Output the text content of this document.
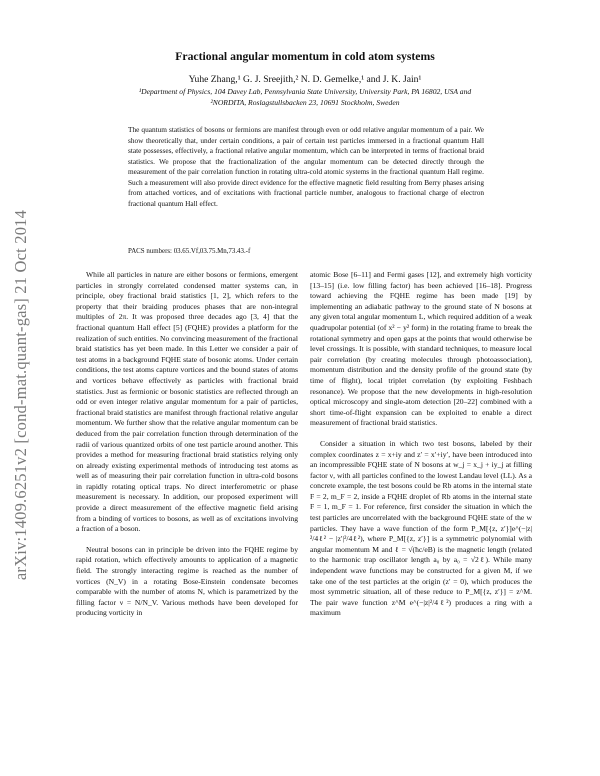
arXiv:1409.6251v2 [cond-mat.quant-gas] 21 Oct 2014
Fractional angular momentum in cold atom systems
Yuhe Zhang,¹ G. J. Sreejith,² N. D. Gemelke,¹ and J. K. Jain¹
¹Department of Physics, 104 Davey Lab, Pennsylvania State University, University Park, PA 16802, USA and
²NORDITA, Roslagstullsbacken 23, 10691 Stockholm, Sweden
The quantum statistics of bosons or fermions are manifest through even or odd relative angular momentum of a pair. We show theoretically that, under certain conditions, a pair of certain test particles immersed in a fractional quantum Hall state possesses, effectively, a fractional relative angular momentum, which can be interpreted in terms of fractional braid statistics. We propose that the fractionalization of the angular momentum can be detected directly through the measurement of the pair correlation function in rotating ultra-cold atomic systems in the fractional quantum Hall regime. Such a measurement will also provide direct evidence for the effective magnetic field resulting from Berry phases arising from attached vortices, and of excitations with fractional particle number, analogous to fractional charge of electron fractional quantum Hall effect.
PACS numbers: 03.65.Vf,03.75.Mn,73.43.-f

While all particles in nature are either bosons or fermions, emergent particles in strongly correlated condensed matter systems can, in principle, obey fractional braid statistics [1, 2], which refers to the property that their braiding produces phases that are non-integral multiples of 2π. It was proposed three decades ago [3, 4] that the fractional quantum Hall effect [5] (FQHE) provides a platform for the realization of such entities. No convincing measurement of the fractional braid statistics has yet been made. In this Letter we consider a pair of test atoms in a background FQHE state of bosonic atoms. Under certain conditions, the test atoms capture vortices and the bound states of atoms and vortices behave effectively as particles with fractional braid statistics. Just as fermionic or bosonic statistics are reflected through an odd or even integer relative angular momentum for a pair of particles, fractional braid statistics are manifest through fractional relative angular momentum. We further show that the relative angular momentum can be deduced from the pair correlation function through determination of the radii of various quantized orbits of one test particle around another. This provides a method for measuring fractional braid statistics relying only on already existing experimental methods of introducing test atoms as well as of measuring their pair correlation function in ultra-cold bosons in rapidly rotating optical traps. No direct interferometric or phase measurement is necessary. In addition, our proposed experiment will provide a direct measurement of the effective magnetic field arising from a binding of vortices to bosons, as well as of excitations involving a fraction of a boson.

Neutral bosons can in principle be driven into the FQHE regime by rapid rotation, which effectively amounts to application of a magnetic field. The strongly interacting regime is reached as the number of vortices (N_V) in a rotating Bose-Einstein condensate becomes comparable with the number of atoms N, which is parametrized by the filling factor ν = N/N_V. Various methods have been developed for producing vorticity in

atomic Bose [6–11] and Fermi gases [12], and extremely high vorticity [13–15] (i.e. low filling factor) has been achieved [16–18]. Progress toward achieving the FQHE regime has been made [19] by implementing an adiabatic pathway to the ground state of N bosons at any given total angular momentum L, which required addition of a weak quadrupolar potential (of x² − y² form) in the rotating frame to break the rotational symmetry and open gaps at the points that would otherwise be level crossings. It is possible, with standard techniques, to measure local pair correlation (by creating molecules through photoassociation), momentum distribution and the density profile of the ground state (by time of flight), local triplet correlation (by exploiting Feshbach resonance). We propose that the new developments in high-resolution optical microscopy and single-atom detection [20–22] combined with a short time-of-flight expansion can be exploited to enable a direct measurement of fractional braid statistics.

Consider a situation in which two test bosons, labeled by their complex coordinates z = x+iy and z′ = x′+iy′, have been introduced into an incompressible FQHE state of N bosons at w_j = x_j + iy_j at filling factor ν, with all particles confined to the lowest Landau level (LL). As a concrete example, the test bosons could be Rb atoms in the internal state F = 2, m_F = 2, inside a FQHE droplet of Rb atoms in the internal state F = 1, m_F = 1. For reference, first consider the situation in which the test particles are uncorrelated with the background FQHE state of the w particles. They have a wave function of the form P_M[{z, z′}]e^(−|z|²/4ℓ² − |z′|²/4ℓ²), where P_M[{z, z′}] is a symmetric polynomial with angular momentum M and ℓ = √(ħc/eB) is the magnetic length (related to the harmonic trap oscillator length a₀ by a₀ = √2ℓ). While many independent wave functions may be constructed for a given M, if we take one of the test particles at the origin (z′ = 0), which produces the most symmetric situation, all of these reduce to P_M[{z, z′}] = z^M. The pair wave function z^M e^(−|z|²/4ℓ²) produces a ring with a maximum
